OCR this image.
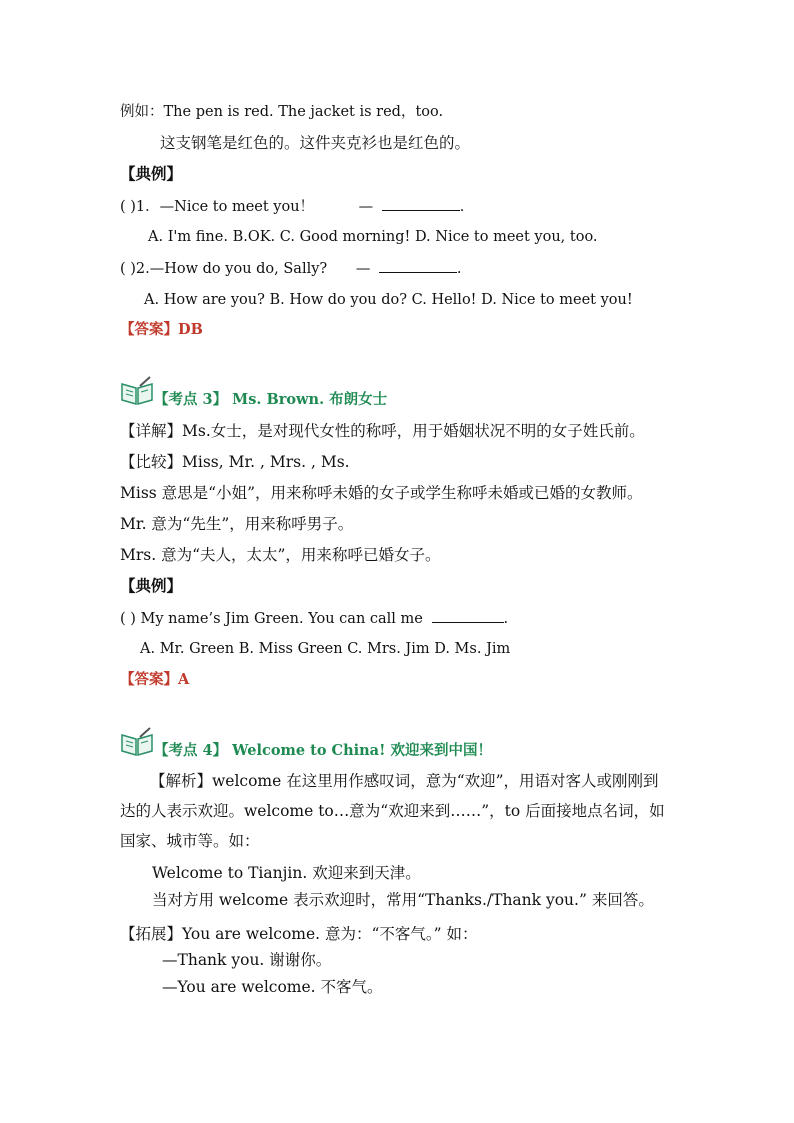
例如：The pen is red. The jacket is red，too.
这支钢笔是红色的。这件夹克衫也是红色的。
【典例】
( )1．—Nice to meet you！	—	.
A. I'm fine. B.OK. C. Good morning! D. Nice to meet you, too.
( )2.—How do you do, Sally? —	.
A. How are you? B. How do you do? C. Hello! D. Nice to meet you!
【答案】DB
【考点 3】 Ms. Brown. 布朗女士
【详解】Ms.女士，是对现代女性的称呼，用于婚姻状况不明的女子姓氏前。
【比较】Miss, Mr. , Mrs. , Ms.
Miss 意思是“小姐”，用来称呼未婚的女子或学生称呼未婚或已婚的女教师。
Mr. 意为“先生”，用来称呼男子。
Mrs. 意为“夫人，太太”，用来称呼已婚女子。
【典例】
( ) My name’s Jim Green. You can call me	.
A. Mr. Green B. Miss Green C. Mrs. Jim D. Ms. Jim
【答案】A
【考点 4】 Welcome to China! 欢迎来到中国！
【解析】welcome 在这里用作感叹词，意为“欢迎”，用语对客人或刚刚到
达的人表示欢迎。welcome to…意为“欢迎来到……”，to 后面接地点名词，如
国家、城市等。如：
Welcome to Tianjin. 欢迎来到天津。
当对方用 welcome 表示欢迎时，常用“Thanks./Thank you.” 来回答。
【拓展】You are welcome. 意为：“不客气。” 如：
—Thank you. 谢谢你。
—You are welcome. 不客气。
